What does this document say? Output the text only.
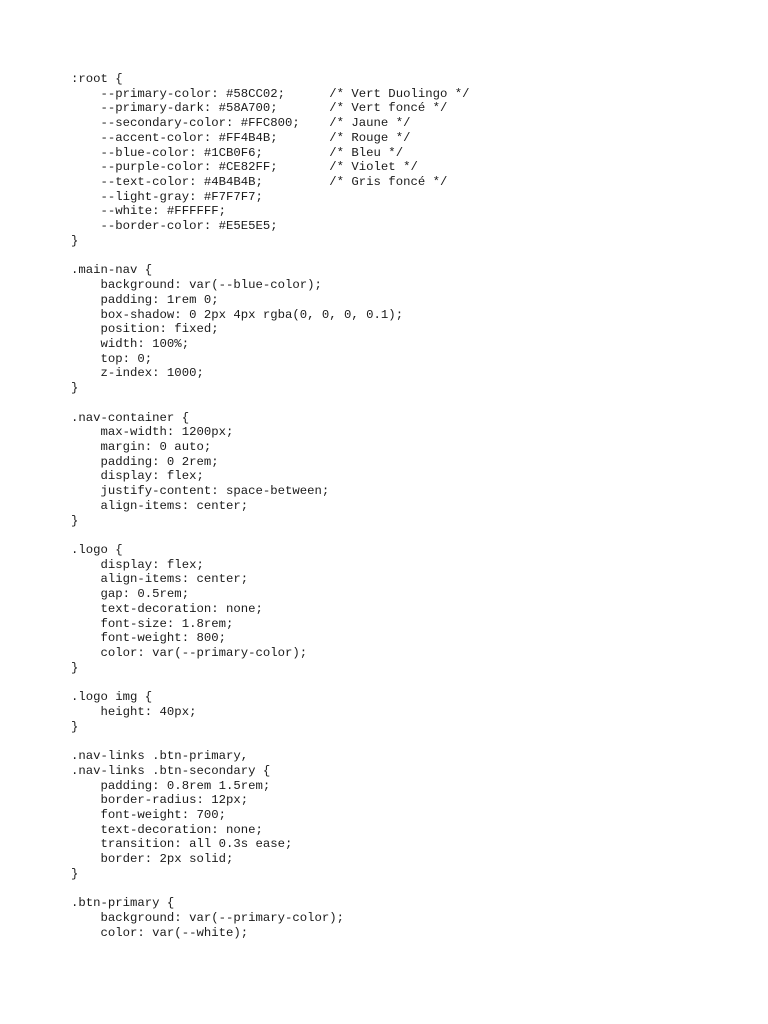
:root {
--primary-color: #58CC02;      /* Vert Duolingo */
--primary-dark: #58A700;       /* Vert foncé */
--secondary-color: #FFC800;    /* Jaune */
--accent-color: #FF4B4B;       /* Rouge */
--blue-color: #1CB0F6;         /* Bleu */
--purple-color: #CE82FF;       /* Violet */
--text-color: #4B4B4B;         /* Gris foncé */
--light-gray: #F7F7F7;
--white: #FFFFFF;
--border-color: #E5E5E5;
}
.main-nav {
background: var(--blue-color);
padding: 1rem 0;
box-shadow: 0 2px 4px rgba(0, 0, 0, 0.1);
position: fixed;
width: 100%;
top: 0;
z-index: 1000;
}
.nav-container {
max-width: 1200px;
margin: 0 auto;
padding: 0 2rem;
display: flex;
justify-content: space-between;
align-items: center;
}
.logo {
display: flex;
align-items: center;
gap: 0.5rem;
text-decoration: none;
font-size: 1.8rem;
font-weight: 800;
color: var(--primary-color);
}
.logo img {
height: 40px;
}
.nav-links .btn-primary,
.nav-links .btn-secondary {
padding: 0.8rem 1.5rem;
border-radius: 12px;
font-weight: 700;
text-decoration: none;
transition: all 0.3s ease;
border: 2px solid;
}
.btn-primary {
background: var(--primary-color);
color: var(--white);
